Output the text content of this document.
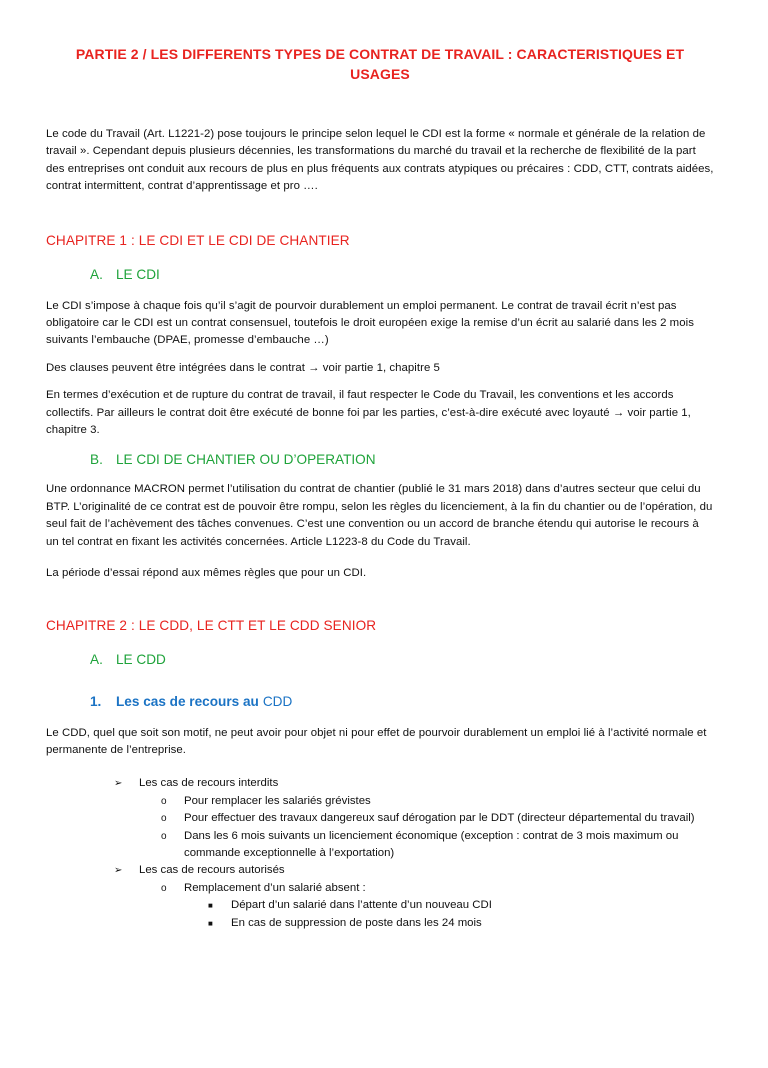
PARTIE 2 / LES DIFFERENTS TYPES DE CONTRAT DE TRAVAIL : CARACTERISTIQUES ET USAGES

Le code du Travail (Art. L1221-2) pose toujours le principe selon lequel le CDI est la forme « normale et générale de la relation de travail ». Cependant depuis plusieurs décennies, les transformations du marché du travail et la recherche de flexibilité de la part des entreprises ont conduit aux recours de plus en plus fréquents aux contrats atypiques ou précaires : CDD, CTT, contrats aidées, contrat intermittent, contrat d’apprentissage et pro ….

CHAPITRE 1 : LE CDI ET LE CDI DE CHANTIER
A. LE CDI

Le CDI s’impose à chaque fois qu’il s’agit de pourvoir durablement un emploi permanent. Le contrat de travail écrit n’est pas obligatoire car le CDI est un contrat consensuel, toutefois le droit européen exige la remise d’un écrit au salarié dans les 2 mois suivants l’embauche (DPAE, promesse d’embauche …)

Des clauses peuvent être intégrées dans le contrat → voir partie 1, chapitre 5

En termes d’exécution et de rupture du contrat de travail, il faut respecter le Code du Travail, les conventions et les accords collectifs. Par ailleurs le contrat doit être exécuté de bonne foi par les parties, c’est-à-dire exécuté avec loyauté → voir partie 1, chapitre 3.

B. LE CDI DE CHANTIER OU D’OPERATION

Une ordonnance MACRON permet l’utilisation du contrat de chantier (publié le 31 mars 2018) dans d’autres secteur que celui du BTP. L’originalité de ce contrat est de pouvoir être rompu, selon les règles du licenciement, à la fin du chantier ou de l’opération, du seul fait de l’achèvement des tâches convenues. C’est une convention ou un accord de branche étendu qui autorise le recours à un tel contrat en fixant les activités concernées. Article L1223-8 du Code du Travail.

La période d’essai répond aux mêmes règles que pour un CDI.

CHAPITRE 2 : LE CDD, LE CTT ET LE CDD SENIOR
A. LE CDD
1.	Les cas de recours au CDD

Le CDD, quel que soit son motif, ne peut avoir pour objet ni pour effet de pourvoir durablement un emploi lié à l’activité normale et permanente de l’entreprise.

➢ Les cas de recours interdits
o Pour remplacer les salariés grévistes
o Pour effectuer des travaux dangereux sauf dérogation par le DDT (directeur départemental du travail)
o Dans les 6 mois suivants un licenciement économique (exception : contrat de 3 mois maximum ou commande exceptionnelle à l’exportation)
➢ Les cas de recours autorisés
o Remplacement d’un salarié absent :
■ Départ d’un salarié dans l’attente d’un nouveau CDI
■ En cas de suppression de poste dans les 24 mois
